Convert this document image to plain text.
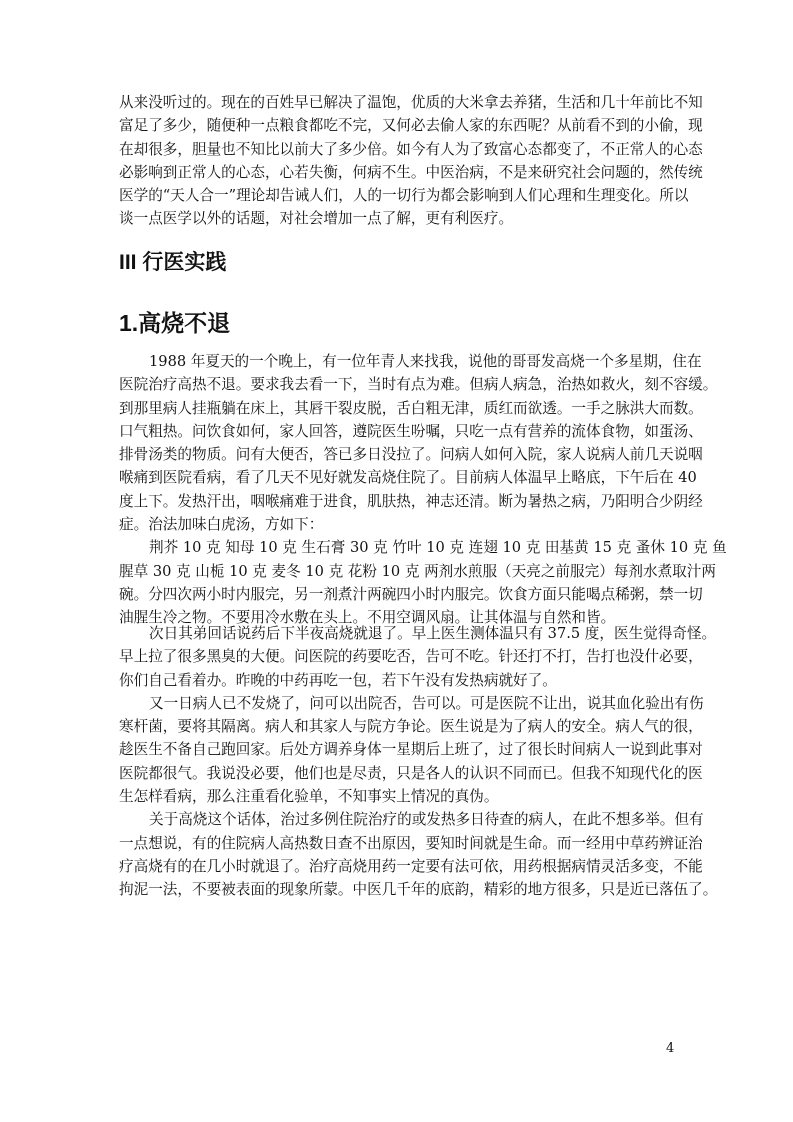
从来没听过的。现在的百姓早已解决了温饱，优质的大米拿去养猪，生活和几十年前比不知
富足了多少，随便种一点粮食都吃不完，又何必去偷人家的东西呢？从前看不到的小偷，现
在却很多，胆量也不知比以前大了多少倍。如今有人为了致富心态都变了，不正常人的心态
必影响到正常人的心态，心若失衡，何病不生。中医治病，不是来研究社会问题的，然传统
医学的“天人合一”理论却告诫人们，人的一切行为都会影响到人们心理和生理变化。所以
谈一点医学以外的话题，对社会增加一点了解，更有利医疗。
III 行医实践
1.高烧不退
1988 年夏天的一个晚上，有一位年青人来找我，说他的哥哥发高烧一个多星期，住在
医院治疗高热不退。要求我去看一下，当时有点为难。但病人病急，治热如救火，刻不容缓。
到那里病人挂瓶躺在床上，其唇干裂皮脱，舌白粗无津，质红而欲透。一手之脉洪大而数。
口气粗热。问饮食如何，家人回答，遵院医生吩嘱，只吃一点有营养的流体食物，如蛋汤、
排骨汤类的物质。问有大便否，答已多日没拉了。问病人如何入院，家人说病人前几天说咽
喉痛到医院看病，看了几天不见好就发高烧住院了。目前病人体温早上略底，下午后在 40
度上下。发热汗出，咽喉痛难于进食，肌肤热，神志还清。断为暑热之病，乃阳明合少阴经
症。治法加味白虎汤，方如下：
荆芥 10 克 知母 10 克 生石膏 30 克 竹叶 10 克 连翅 10 克 田基黄 15 克 蚤休 10 克 鱼
腥草 30 克 山栀 10 克 麦冬 10 克 花粉 10 克 两剂水煎服（天亮之前服完）每剂水煮取汁两
碗。分四次两小时内服完，另一剂煮汁两碗四小时内服完。饮食方面只能喝点稀粥，禁一切
油腥生冷之物。不要用冷水敷在头上。不用空调风扇。让其体温与自然和皆。
次日其弟回话说药后下半夜高烧就退了。早上医生测体温只有 37.5 度，医生觉得奇怪。
早上拉了很多黑臭的大便。问医院的药要吃否，告可不吃。针还打不打，告打也没什必要，
你们自己看着办。昨晚的中药再吃一包，若下午没有发热病就好了。
又一日病人已不发烧了，问可以出院否，告可以。可是医院不让出，说其血化验出有伤
寒杆菌，要将其隔离。病人和其家人与院方争论。医生说是为了病人的安全。病人气的很，
趁医生不备自己跑回家。后处方调养身体一星期后上班了，过了很长时间病人一说到此事对
医院都很气。我说没必要，他们也是尽责，只是各人的认识不同而已。但我不知现代化的医
生怎样看病，那么注重看化验单，不知事实上情况的真伪。
关于高烧这个话体，治过多例住院治疗的或发热多日待查的病人，在此不想多举。但有
一点想说，有的住院病人高热数日查不出原因，要知时间就是生命。而一经用中草药辨证治
疗高烧有的在几小时就退了。治疗高烧用药一定要有法可依，用药根据病情灵活多变，不能
拘泥一法，不要被表面的现象所蒙。中医几千年的底韵，精彩的地方很多，只是近已落伍了。
4
